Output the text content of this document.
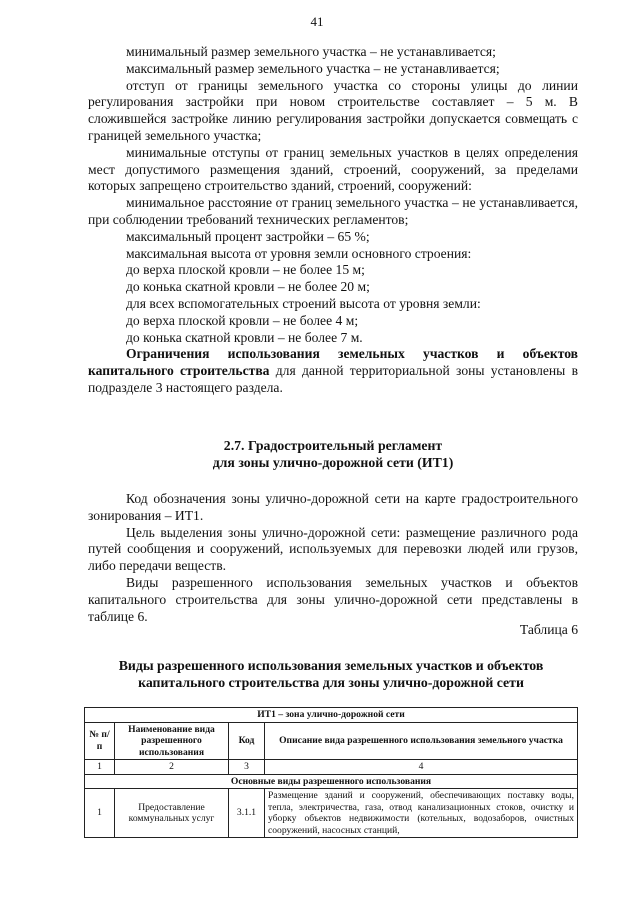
41

минимальный размер земельного участка – не устанавливается;

максимальный размер земельного участка – не устанавливается;

отступ от границы земельного участка со стороны улицы до линии регулирования застройки при новом строительстве составляет – 5 м. В сложившейся застройке линию регулирования застройки допускается совмещать с границей земельного участка;

минимальные отступы от границ земельных участков в целях определения мест допустимого размещения зданий, строений, сооружений, за пределами которых запрещено строительство зданий, строений, сооружений:

минимальное расстояние от границ земельного участка – не устанавливается, при соблюдении требований технических регламентов;

максимальный процент застройки – 65 %;

максимальная высота от уровня земли основного строения:

до верха плоской кровли – не более 15 м;

до конька скатной кровли – не более 20 м;

для всех вспомогательных строений высота от уровня земли:

до верха плоской кровли – не более 4 м;

до конька скатной кровли – не более 7 м.

Ограничения использования земельных участков и объектов капитального строительства для данной территориальной зоны установлены в подразделе 3 настоящего раздела.

2.7. Градостроительный регламент
для зоны улично-дорожной сети (ИТ1)

Код обозначения зоны улично-дорожной сети на карте градостроительного зонирования – ИТ1.

Цель выделения зоны улично-дорожной сети: размещение различного рода путей сообщения и сооружений, используемых для перевозки людей или грузов, либо передачи веществ.

Виды разрешенного использования земельных участков и объектов капитального строительства для зоны улично-дорожной сети представлены в таблице 6.

Таблица 6
Виды разрешенного использования земельных участков и объектов
капитального строительства для зоны улично-дорожной сети
ИТ1 – зона улично-дорожной сети			
№ п/п	Наименование вида разрешенного использования	Код	Описание вида разрешенного использования земельного участка
1	2	3	4
Основные виды разрешенного использования			
1	Предоставление коммунальных услуг	3.1.1	Размещение зданий и сооружений, обеспечивающих поставку воды, тепла, электричества, газа, отвод канализационных стоков, очистку и уборку объектов недвижимости (котельных, водозаборов, очистных сооружений, насосных станций,
